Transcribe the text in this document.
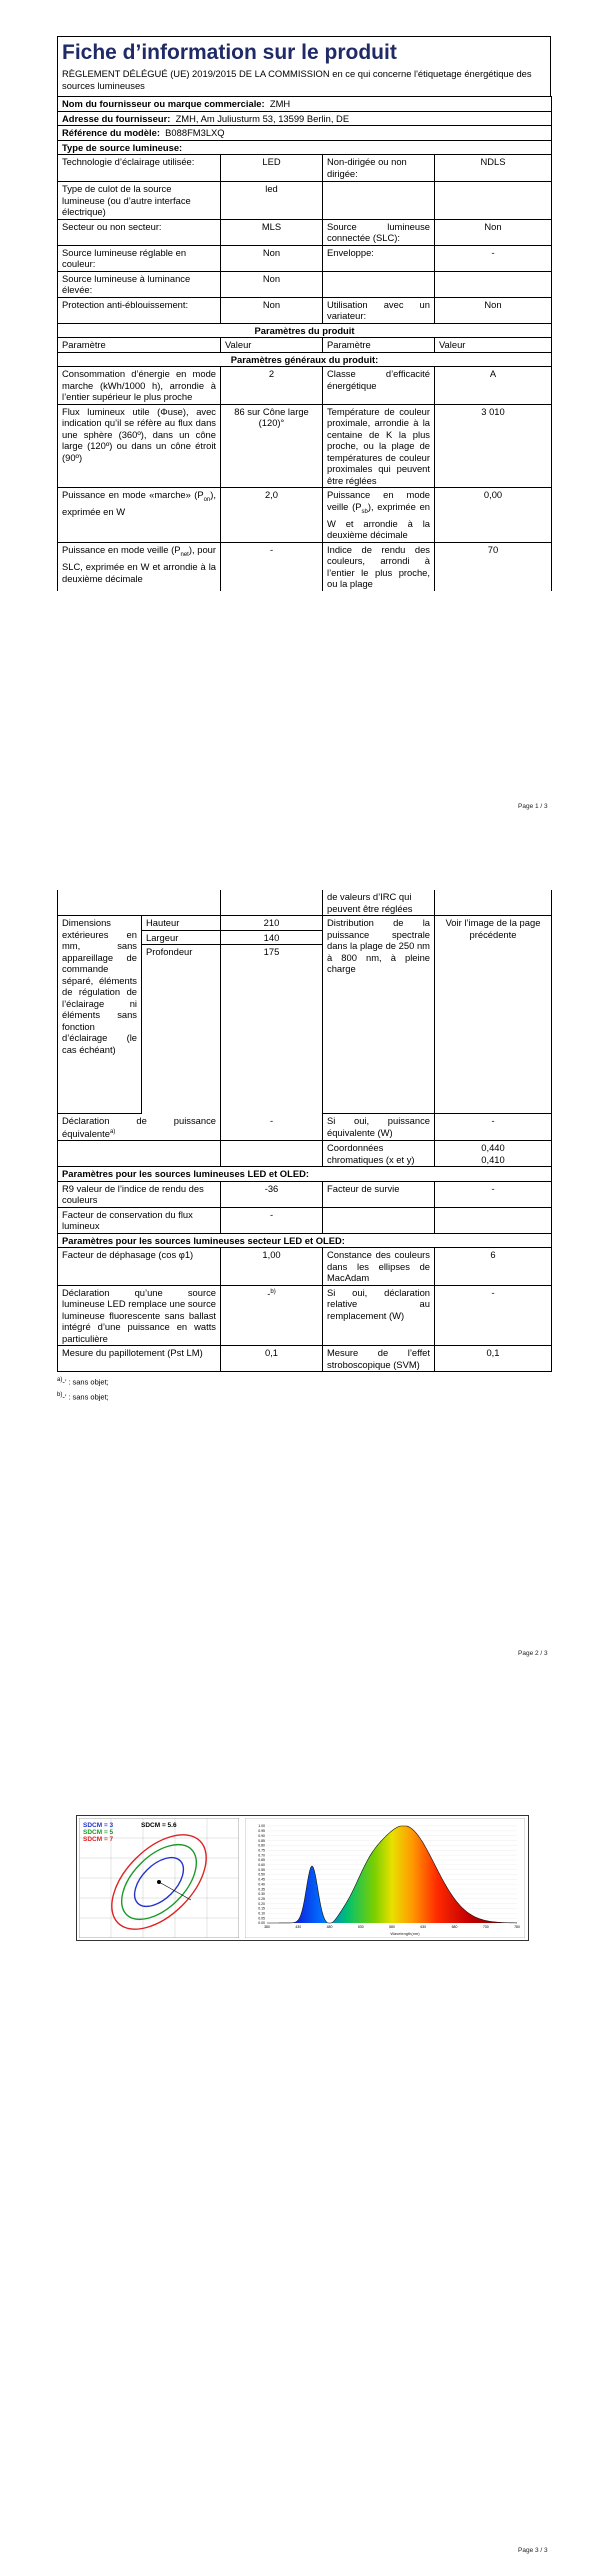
Fiche d’information sur le produit
RÈGLEMENT DÉLÉGUÉ (UE) 2019/2015 DE LA COMMISSION en ce qui concerne l'étiquetage énergétique des sources lumineuses
Nom du fournisseur ou marque commerciale: ZMH			
Adresse du fournisseur: ZMH, Am Juliusturm 53, 13599 Berlin, DE			
Référence du modèle: B088FM3LXQ			
Type de source lumineuse:			
Technologie d’éclairage utilisée:	LED	Non-dirigée ou non dirigée:	NDLS
Type de culot de la source lumineuse (ou d’autre interface électrique)	led		
Secteur ou non secteur:	MLS	Source lumineuse connectée (SLC):	Non
Source lumineuse réglable en couleur:	Non	Enveloppe:	-
Source lumineuse à luminance élevée:	Non		
Protection anti-éblouissement:	Non	Utilisation avec un variateur:	Non
Paramètres du produit			
Paramètre	Valeur	Paramètre	Valeur
Paramètres généraux du produit:			
Consommation d’énergie en mode marche (kWh/1000 h), arrondie à l’entier supérieur le plus proche	2	Classe d’efficacité énergétique	A
Flux lumineux utile (Φuse), avec indication qu’il se réfère au flux dans une sphère (360º), dans un cône large (120º) ou dans un cône étroit (90º)	86 sur Cône large (120)°	Température de couleur proximale, arrondie à la centaine de K la plus proche, ou la plage de températures de couleur proximales qui peuvent être réglées	3 010
Puissance en mode «marche» $(P_{on})$, exprimée en W	2,0	Puissance en mode veille $(P_{sb})$, exprimée en W et arrondie à la deuxième décimale	0,00
Puissance en mode veille $(P_{net})$, pour SLC, exprimée en W et arrondie à la deuxième décimale	-	Indice de rendu des couleurs, arrondi à l’entier le plus proche, ou la plage	70
Page 1 / 3
			de valeurs d’IRC qui peuvent être réglées	
Dimensions extérieures en mm, sans appareillage de commande séparé, éléments de régulation de l’éclairage ni éléments sans fonction d’éclairage (le cas échéant)	Hauteur	210	Distribution de la puissance spectrale dans la plage de 250 nm à 800 nm, à pleine charge	Voir l’image de la page précédente
	Largeur	140		
	Profondeur	175		
Déclaration de puissance équivalente$^{a)}$		-	Si oui, puissance équivalente (W)	-
			Coordonnées chromatiques (x et y)	0,440
0,410

Paramètres pour les sources lumineuses LED et OLED:				
R9 valeur de l’indice de rendu des couleurs		-36	Facteur de survie	-
Facteur de conservation du flux lumineux		-		
Paramètres pour les sources lumineuses secteur LED et OLED:				
Facteur de déphasage (cos φ1)		1,00	Constance des couleurs dans les ellipses de MacAdam	6
Déclaration qu’une source lumineuse LED remplace une source lumineuse fluorescente sans ballast intégré d’une puissance en watts particulière		-$^{b)}$	Si oui, déclaration relative au remplacement (W)	-
Mesure du papillotement (Pst LM)		0,1	Mesure de l’effet stroboscopique (SVM)	0,1
$^{a)}$-’ : sans objet;
$^{b)}$-’ : sans objet;
Page 2 / 3
SDCM = 3
SDCM = 5
SDCM = 7
SDCM = 5.6	1.00
0.95
0.90
0.85
0.80
0.75
0.70
0.65
0.60
0.55
0.50
0.45
0.40
0.35
0.30
0.25
0.20
0.15
0.10
0.05
0.00
380	430	480	530	580	630	680	730	780
Wavelength(nm)
Page 3 / 3
